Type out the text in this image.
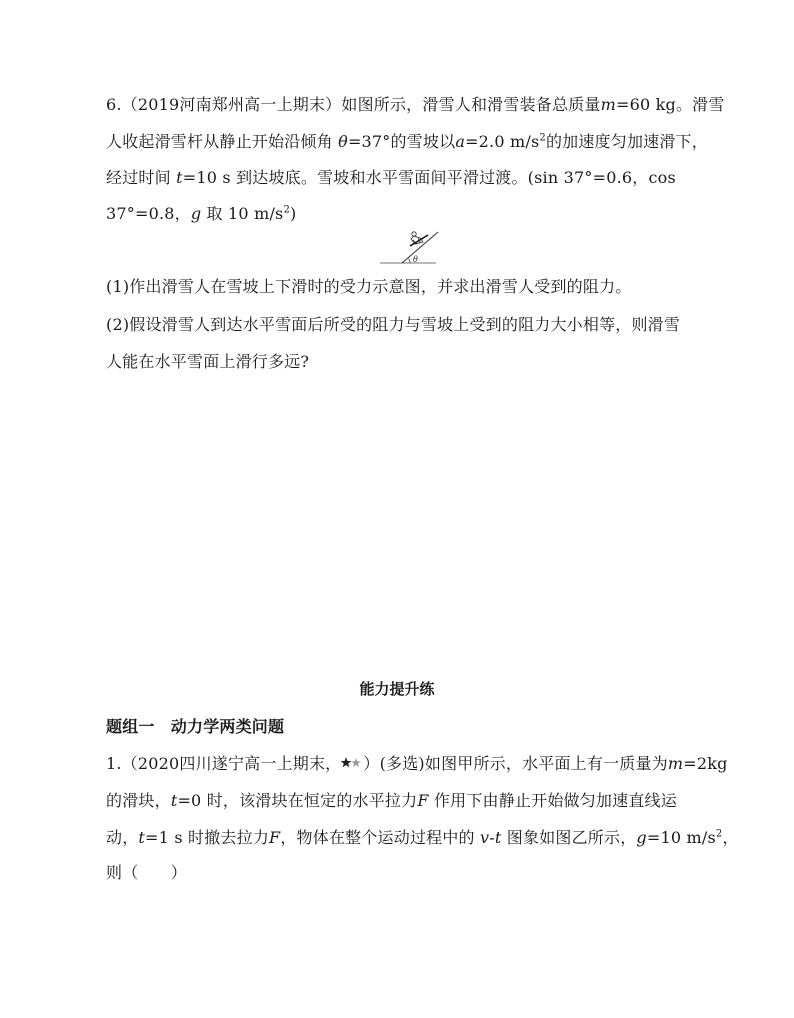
6.（2019河南郑州高一上期末）如图所示，滑雪人和滑雪装备总质量m=60 kg。滑雪
人收起滑雪杆从静止开始沿倾角 θ=37°的雪坡以a=2.0 $m/s^2$的加速度匀加速滑下，
经过时间 t=10 s 到达坡底。雪坡和水平雪面间平滑过渡。(sin 37°=0.6，cos
37°=0.8，g 取 10 $m/s^2$)
θ
(1)作出滑雪人在雪坡上下滑时的受力示意图，并求出滑雪人受到的阻力。
(2)假设滑雪人到达水平雪面后所受的阻力与雪坡上受到的阻力大小相等，则滑雪
人能在水平雪面上滑行多远?
能力提升练
题组一　动力学两类问题
1.（2020四川遂宁高一上期末， ）(多选)如图甲所示，水平面上有一质量为m=2kg
的滑块，t=0 时，该滑块在恒定的水平拉力F 作用下由静止开始做匀加速直线运
动，t=1 s 时撤去拉力F，物体在整个运动过程中的 v-t 图象如图乙所示，g=10 $m/s^2$，
则（　　）
